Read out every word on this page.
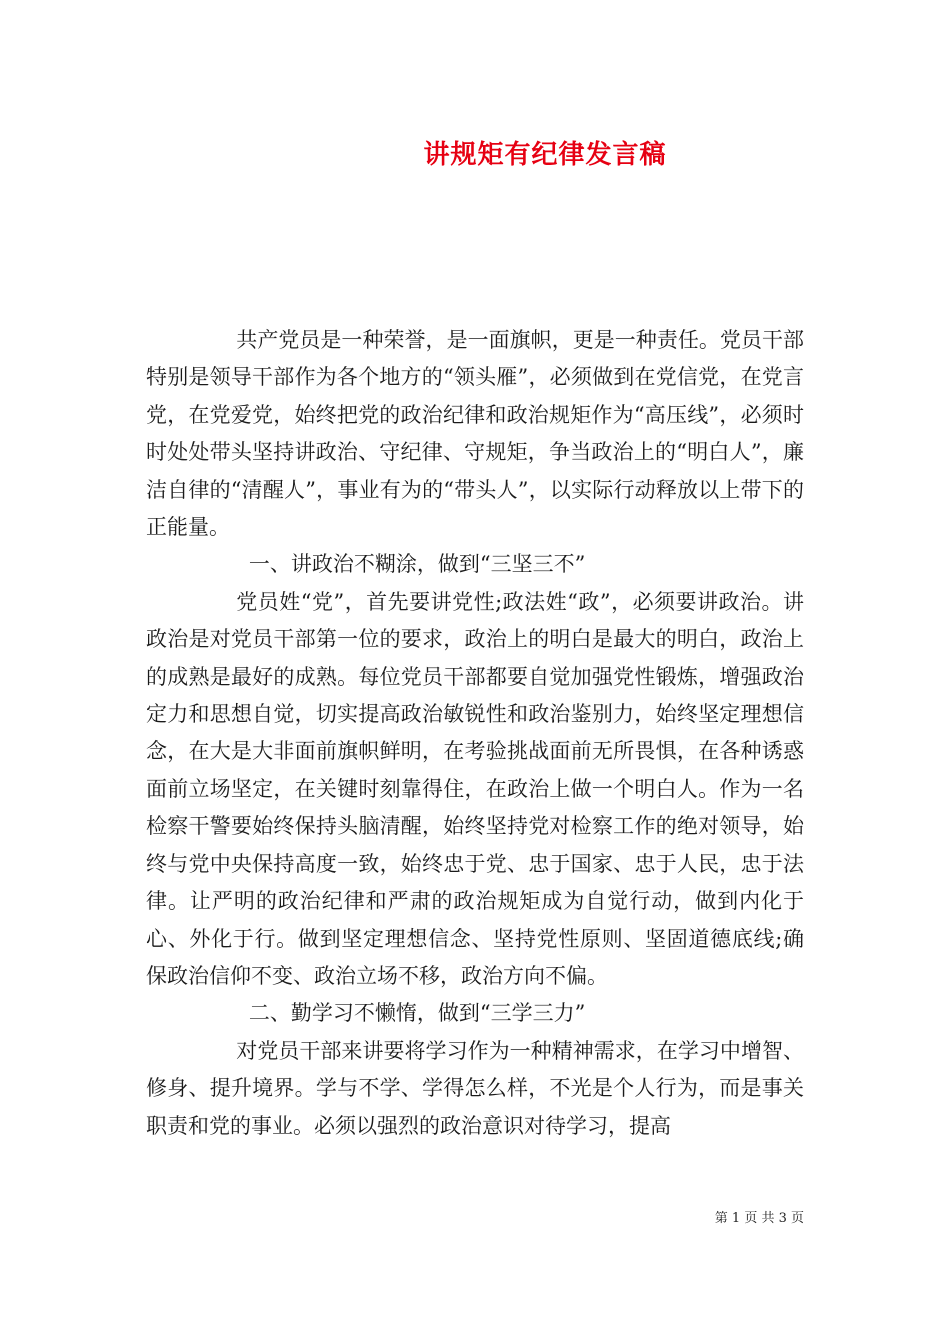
讲规矩有纪律发言稿

共产党员是一种荣誉，是一面旗帜，更是一种责任。党员干部特别是领导干部作为各个地方的“领头雁”，必须做到在党信党，在党言党，在党爱党，始终把党的政治纪律和政治规矩作为“高压线”，必须时时处处带头坚持讲政治、守纪律、守规矩，争当政治上的“明白人”，廉洁自律的“清醒人”，事业有为的“带头人”，以实际行动释放以上带下的正能量。

一、讲政治不糊涂，做到“三坚三不”

党员姓“党”，首先要讲党性;政法姓“政”，必须要讲政治。讲政治是对党员干部第一位的要求，政治上的明白是最大的明白，政治上的成熟是最好的成熟。每位党员干部都要自觉加强党性锻炼，增强政治定力和思想自觉，切实提高政治敏锐性和政治鉴别力，始终坚定理想信念，在大是大非面前旗帜鲜明，在考验挑战面前无所畏惧，在各种诱惑面前立场坚定，在关键时刻靠得住，在政治上做一个明白人。作为一名检察干警要始终保持头脑清醒，始终坚持党对检察工作的绝对领导，始终与党中央保持高度一致，始终忠于党、忠于国家、忠于人民，忠于法律。让严明的政治纪律和严肃的政治规矩成为自觉行动，做到内化于心、外化于行。做到坚定理想信念、坚持党性原则、坚固道德底线;确保政治信仰不变、政治立场不移，政治方向不偏。

二、勤学习不懒惰，做到“三学三力”

对党员干部来讲要将学习作为一种精神需求，在学习中增智、修身、提升境界。学与不学、学得怎么样，不光是个人行为，而是事关职责和党的事业。必须以强烈的政治意识对待学习，提高

第 1 页 共 3 页
